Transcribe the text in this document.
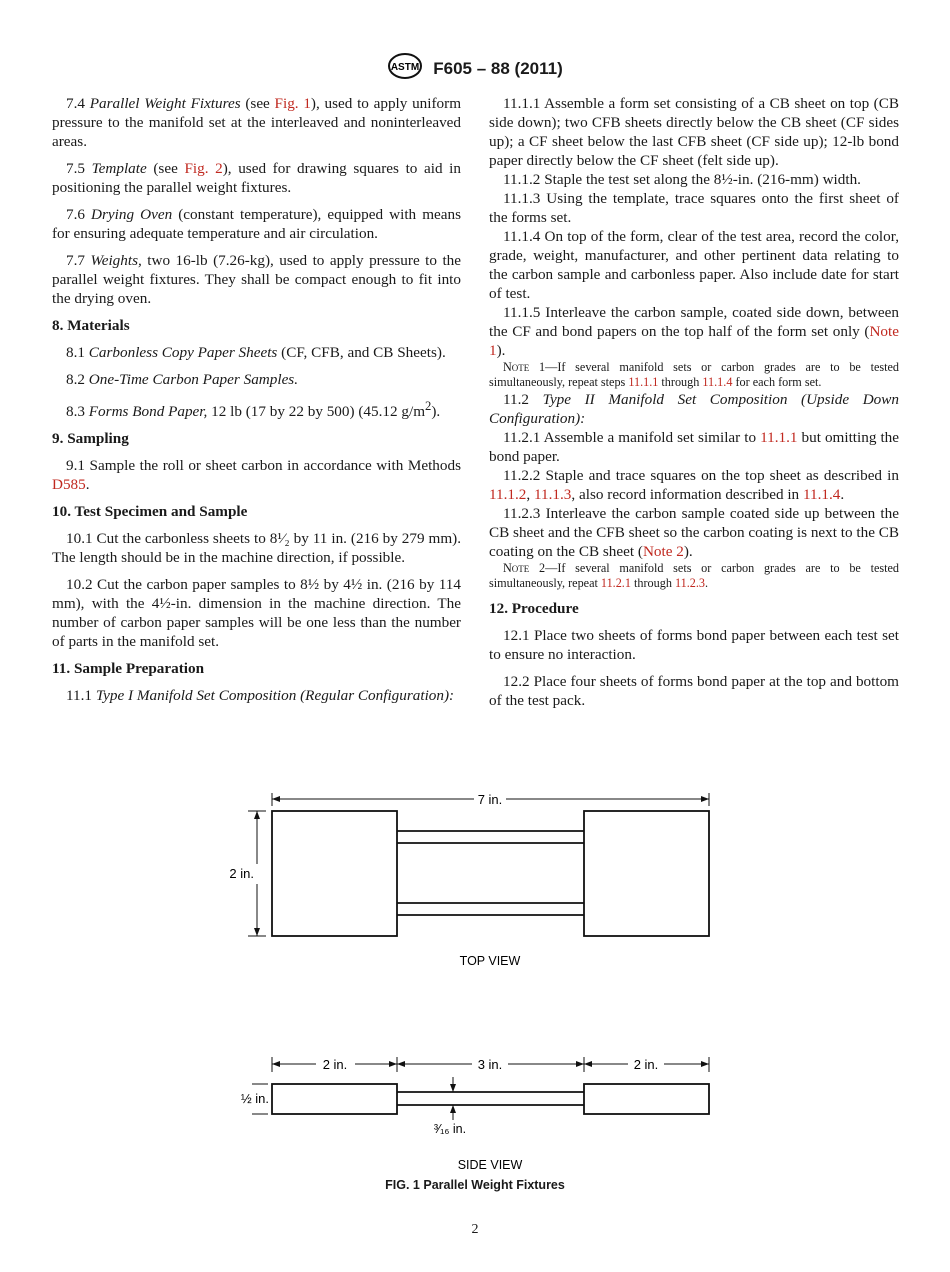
ASTM F605 – 88 (2011)

7.4 Parallel Weight Fixtures (see Fig. 1), used to apply uniform pressure to the manifold set at the interleaved and noninterleaved areas.

7.5 Template (see Fig. 2), used for drawing squares to aid in positioning the parallel weight fixtures.

7.6 Drying Oven (constant temperature), equipped with means for ensuring adequate temperature and air circulation.

7.7 Weights, two 16-lb (7.26-kg), used to apply pressure to the parallel weight fixtures. They shall be compact enough to fit into the drying oven.

8. Materials

8.1 Carbonless Copy Paper Sheets (CF, CFB, and CB Sheets).

8.2 One-Time Carbon Paper Samples.

8.3 Forms Bond Paper, 12 lb (17 by 22 by 500) (45.12 $g/m^2$).

9. Sampling

9.1 Sample the roll or sheet carbon in accordance with Methods D585.

10. Test Specimen and Sample

10.1 Cut the carbonless sheets to 8¹⁄₂ by 11 in. (216 by 279 mm). The length should be in the machine direction, if possible.

10.2 Cut the carbon paper samples to 8½ by 4½ in. (216 by 114 mm), with the 4½-in. dimension in the machine direction. The number of carbon paper samples will be one less than the number of parts in the manifold set.

11. Sample Preparation

11.1 Type I Manifold Set Composition (Regular Configuration):

11.1.1 Assemble a form set consisting of a CB sheet on top (CB side down); two CFB sheets directly below the CB sheet (CF sides up); a CF sheet below the last CFB sheet (CF side up); 12-lb bond paper directly below the CF sheet (felt side up).

11.1.2 Staple the test set along the 8½-in. (216-mm) width.

11.1.3 Using the template, trace squares onto the first sheet of the forms set.

11.1.4 On top of the form, clear of the test area, record the color, grade, weight, manufacturer, and other pertinent data relating to the carbon sample and carbonless paper. Also include date for start of test.

11.1.5 Interleave the carbon sample, coated side down, between the CF and bond papers on the top half of the form set only (Note 1).

Note 1—If several manifold sets or carbon grades are to be tested simultaneously, repeat steps 11.1.1 through 11.1.4 for each form set.

11.2 Type II Manifold Set Composition (Upside Down Configuration):

11.2.1 Assemble a manifold set similar to 11.1.1 but omitting the bond paper.

11.2.2 Staple and trace squares on the top sheet as described in 11.1.2, 11.1.3, also record information described in 11.1.4.

11.2.3 Interleave the carbon sample coated side up between the CB sheet and the CFB sheet so the carbon coating is next to the CB coating on the CB sheet (Note 2).

Note 2—If several manifold sets or carbon grades are to be tested simultaneously, repeat 11.2.1 through 11.2.3.

12. Procedure

12.1 Place two sheets of forms bond paper between each test set to ensure no interaction.

12.2 Place four sheets of forms bond paper at the top and bottom of the test pack.

7 in.
2 in.
TOP VIEW
2 in.	3 in.	2 in.
½ in.
³⁄₁₆ in.
SIDE VIEW
FIG. 1 Parallel Weight Fixtures
2
